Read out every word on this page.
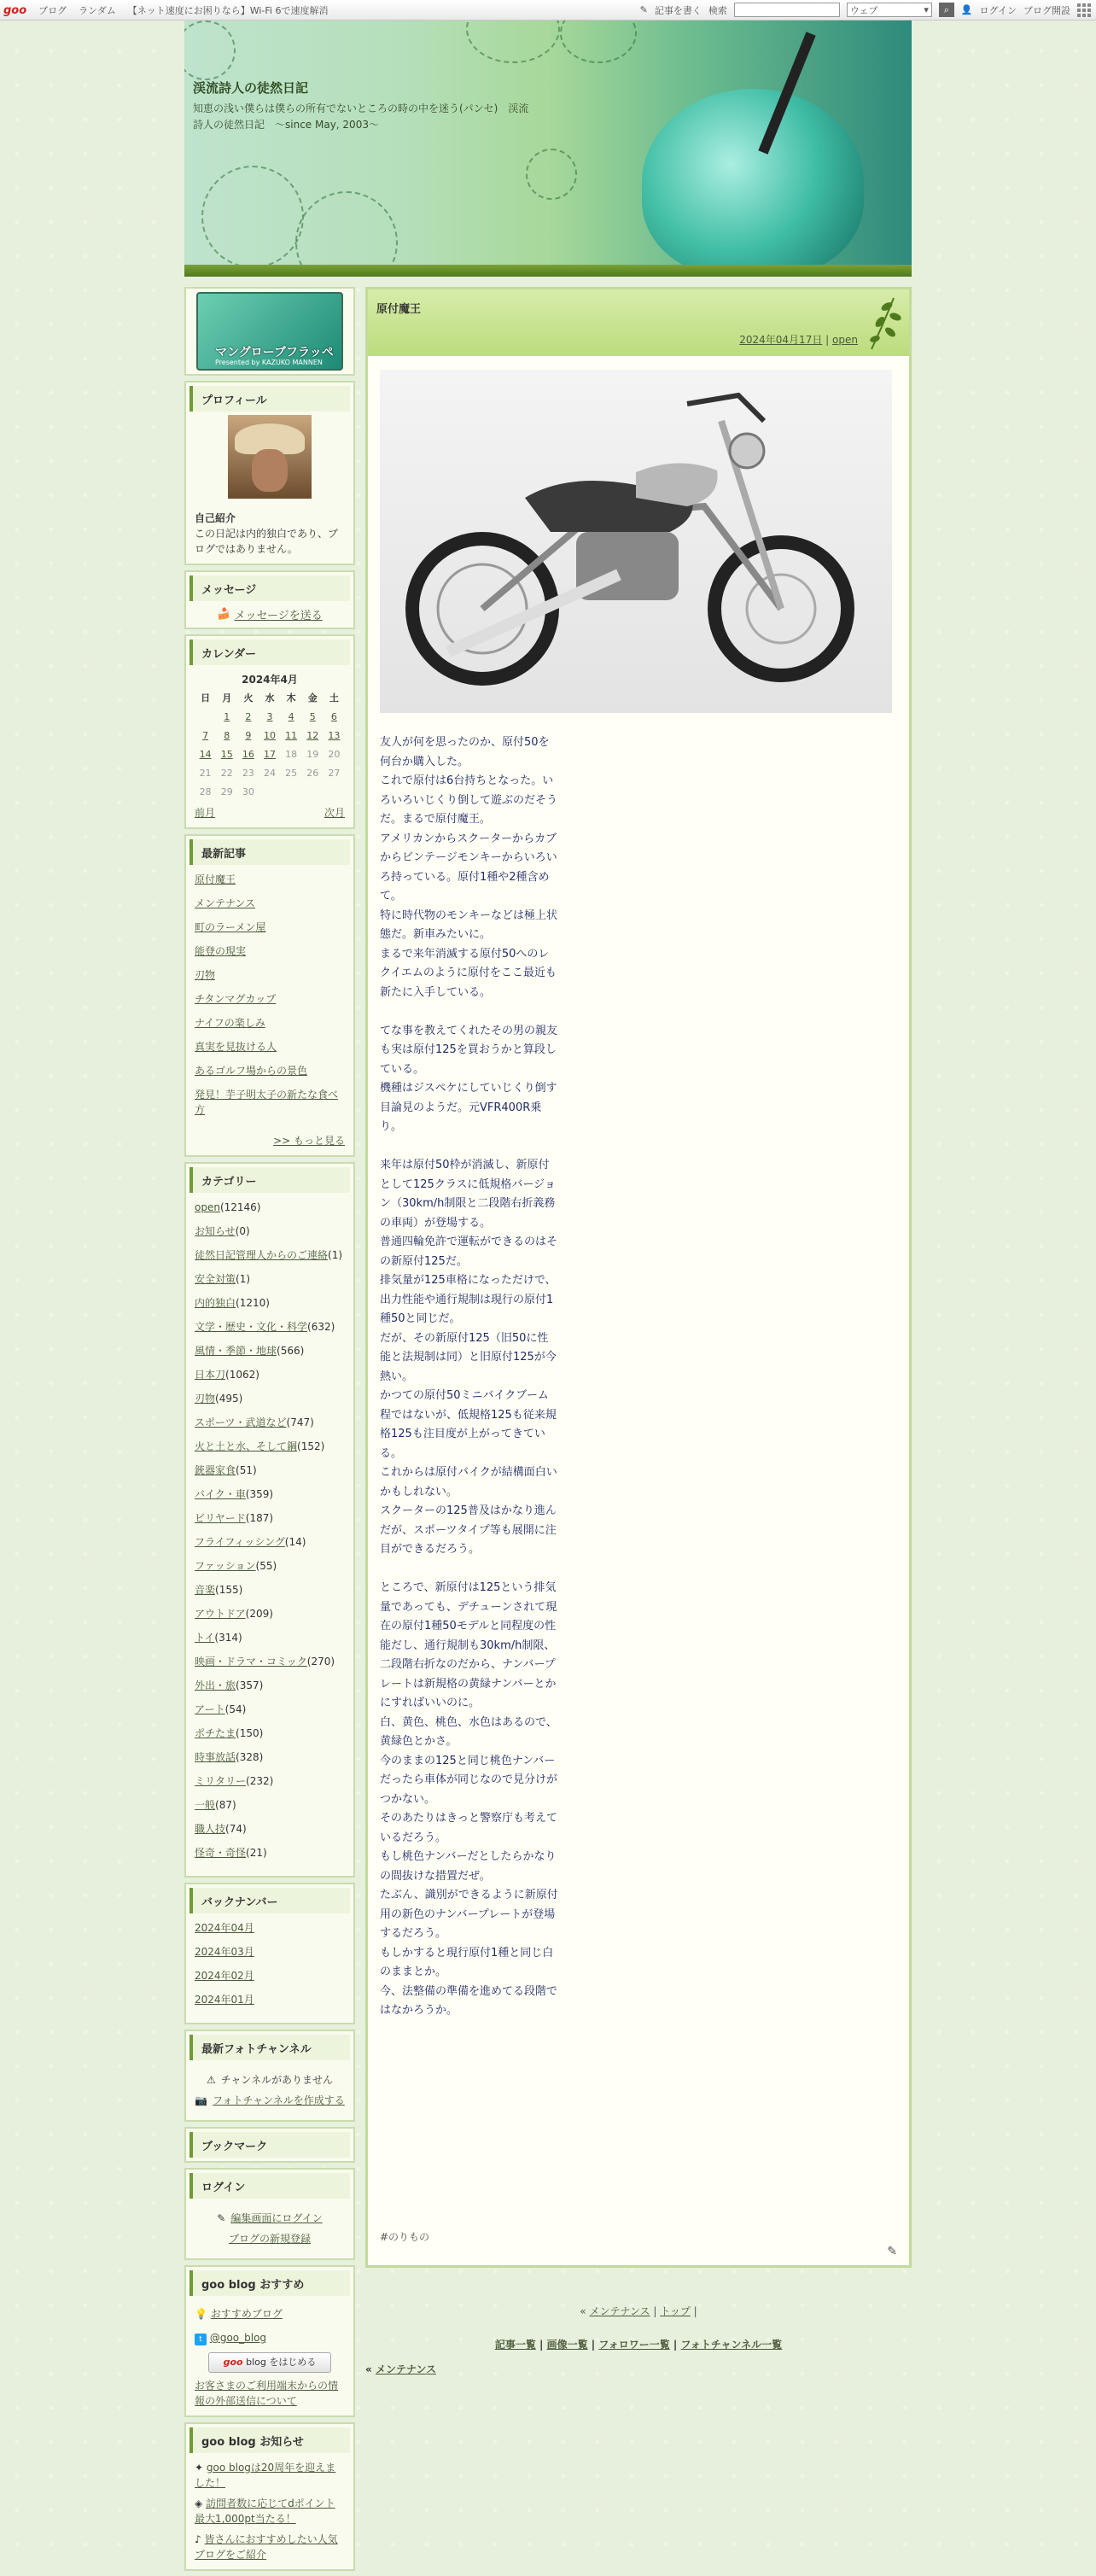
goo ブログ ランダム 【ネット速度にお困りなら】Wi-Fi 6で速度解消	✎ 記事を書く 検索	ウェブ	▾	⌕	👤 ログイン ブログ開設
渓流詩人の徒然日記
知恵の浅い僕らは僕らの所有でないところの時の中を迷う(パンセ)　渓流詩人の徒然日記　～since May, 2003～
マングローブフラッペ
Presented by KAZUKO MANNEN
プロフィール
自己紹介
この日記は内的独白であり、ブログではありません。
メッセージ
🍰 メッセージを送る
カレンダー
2024年4月
日	月	火	水	木	金	土
	1	2	3	4	5	6
7	8	9	10	11	12	13
14	15	16	17	18	19	20
21	22	23	24	25	26	27
28	29	30				
前月	次月
最新記事
原付魔王
メンテナンス
町のラーメン屋
能登の現実
刃物
チタンマグカップ
ナイフの楽しみ
真実を見抜ける人
あるゴルフ場からの景色
発見！芋子明太子の新たな食べ方
>> もっと見る
カテゴリー
open(12146)
お知らせ(0)
徒然日記管理人からのご連絡(1)
安全対策(1)
内的独白(1210)
文学・歴史・文化・科学(632)
風情・季節・地球(566)
日本刀(1062)
刃物(495)
スポーツ・武道など(747)
火と土と水、そして鋼(152)
銃器家食(51)
バイク・車(359)
ビリヤード(187)
フライフィッシング(14)
ファッション(55)
音楽(155)
アウトドア(209)
トイ(314)
映画・ドラマ・コミック(270)
外出・旅(357)
アート(54)
ポチたま(150)
時事放話(328)
ミリタリー(232)
一般(87)
職人技(74)
怪奇・奇怪(21)
バックナンバー
2024年04月
2024年03月
2024年02月
2024年01月
最新フォトチャンネル
⚠ チャンネルがありません
📷 フォトチャンネルを作成する
ブックマーク
ログイン
✎ 編集画面にログイン
ブログの新規登録
goo blog おすすめ
💡 おすすめブログ
t @goo_blog
goo blog をはじめる
お客さまのご利用端末からの情報の外部送信について
goo blog お知らせ
✦ goo blogは20周年を迎えました！
◈ 訪問者数に応じてdポイント最大1,000pt当たる！
♪ 皆さんにおすすめしたい人気ブログをご紹介
原付魔王
2024年04月17日 | open
友人が何を思ったのか、原付50を何台か購入した。
これで原付は6台持ちとなった。いろいろいじくり倒して遊ぶのだそうだ。まるで原付魔王。
アメリカンからスクーターからカブからビンテージモンキーからいろいろ持っている。原付1種や2種含めて。
特に時代物のモンキーなどは極上状態だ。新車みたいに。
まるで来年消滅する原付50へのレクイエムのように原付をここ最近も新たに入手している。

てな事を教えてくれたその男の親友も実は原付125を買おうかと算段している。
機種はジスペケにしていじくり倒す目論見のようだ。元VFR400R乗り。

来年は原付50枠が消滅し、新原付として125クラスに低規格バージョン（30km/h制限と二段階右折義務の車両）が登場する。
普通四輪免許で運転ができるのはその新原付125だ。
排気量が125車格になっただけで、出力性能や通行規制は現行の原付1種50と同じだ。
だが、その新原付125（旧50に性能と法規制は同）と旧原付125が今熱い。
かつての原付50ミニバイクブーム程ではないが、低規格125も従来規格125も注目度が上がってきている。
これからは原付バイクが結構面白いかもしれない。
スクーターの125普及はかなり進んだが、スポーツタイプ等も展開に注目ができるだろう。

ところで、新原付は125という排気量であっても、デチューンされて現在の原付1種50モデルと同程度の性能だし、通行規制も30km/h制限、二段階右折なのだから、ナンバープレートは新規格の黄緑ナンバーとかにすればいいのに。
白、黄色、桃色、水色はあるので、黄緑色とかさ。
今のままの125と同じ桃色ナンバーだったら車体が同じなので見分けがつかない。
そのあたりはきっと警察庁も考えているだろう。
もし桃色ナンバーだとしたらかなりの間抜けな措置だぜ。
たぶん、識別ができるように新原付用の新色のナンバープレートが登場するだろう。
もしかすると現行原付1種と同じ白のままとか。
今、法整備の準備を進めてる段階ではなかろうか。
#のりもの
✎
« メンテナンス | トップ |
記事一覧 | 画像一覧 | フォロワー一覧 | フォトチャンネル一覧
« メンテナンス
